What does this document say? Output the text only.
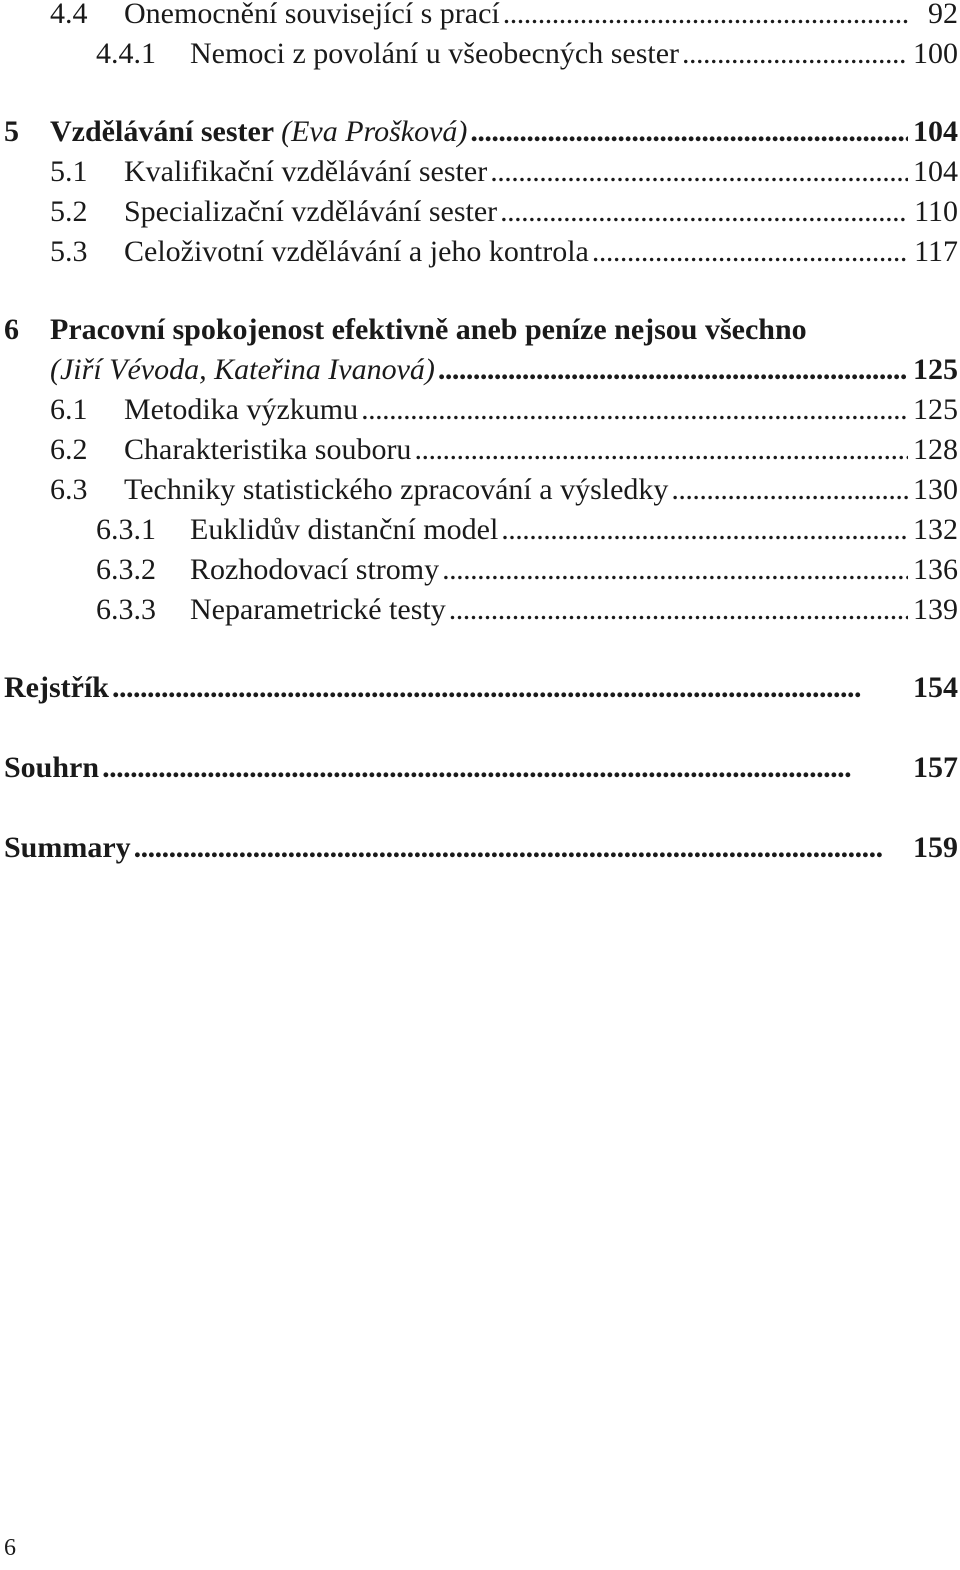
4.4 Onemocnění související s prací . . .	92
4.4.1 Nemoci z povolání u všeobecných sester . . .	100
5 Vzdělávání sester (Eva Prošková) . . .	104
5.1 Kvalifikační vzdělávání sester . . .	104
5.2 Specializační vzdělávání sester . . .	110
5.3 Celoživotní vzdělávání a jeho kontrola . . .	117
6 Pracovní spokojenost efektivně aneb peníze nejsou všechno
(Jiří Vévoda, Kateřina Ivanová) . . .	125
6.1 Metodika výzkumu . . .	125
6.2 Charakteristika souboru . . .	128
6.3 Techniky statistického zpracování a výsledky . . .	130
6.3.1 Euklidův distanční model . . .	132
6.3.2 Rozhodovací stromy . . .	136
6.3.3 Neparametrické testy . . .	139
Rejstřík . . .	154
Souhrn . . .	157
Summary . . .	159
6
